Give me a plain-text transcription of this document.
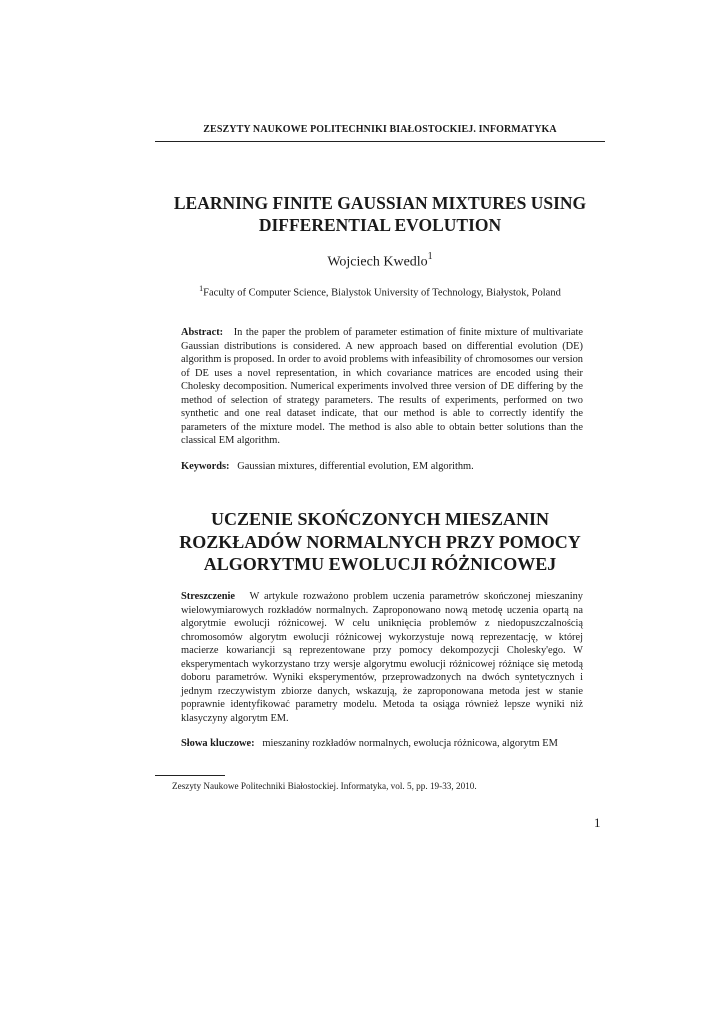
ZESZYTY NAUKOWE POLITECHNIKI BIAŁOSTOCKIEJ. INFORMATYKA
LEARNING FINITE GAUSSIAN MIXTURES USING
DIFFERENTIAL EVOLUTION
Wojciech Kwedlo$^1$
$^1$Faculty of Computer Science, Bialystok University of Technology, Białystok, Poland
Abstract: In the paper the problem of parameter estimation of finite mixture of multivariate Gaussian distributions is considered. A new approach based on differential evolution (DE) algorithm is proposed. In order to avoid problems with infeasibility of chromosomes our version of DE uses a novel representation, in which covariance matrices are encoded using their Cholesky decomposition. Numerical experiments involved three version of DE differing by the method of selection of strategy parameters. The results of experiments, performed on two synthetic and one real dataset indicate, that our method is able to correctly identify the parameters of the mixture model. The method is also able to obtain better solutions than the classical EM algorithm.
Keywords: Gaussian mixtures, differential evolution, EM algorithm.
UCZENIE SKOŃCZONYCH MIESZANIN
ROZKŁADÓW NORMALNYCH PRZY POMOCY
ALGORYTMU EWOLUCJI RÓŻNICOWEJ
Streszczenie W artykule rozważono problem uczenia parametrów skończonej mieszaniny wielowymiarowych rozkładów normalnych. Zaproponowano nową metodę uczenia opartą na algorytmie ewolucji różnicowej. W celu uniknięcia problemów z niedopuszczalnością chromosomów algorytm ewolucji różnicowej wykorzystuje nową reprezentację, w której macierze kowariancji są reprezentowane przy pomocy dekompozycji Cholesky'ego. W eksperymentach wykorzystano trzy wersje algorytmu ewolucji różnicowej różniące się metodą doboru parametrów. Wyniki eksperymentów, przeprowadzonych na dwóch syntetycznych i jednym rzeczywistym zbiorze danych, wskazują, że zaproponowana metoda jest w stanie poprawnie identyfikować parametry modelu. Metoda ta osiąga również lepsze wyniki niż klasyczyny algorytm EM.
Słowa kluczowe: mieszaniny rozkładów normalnych, ewolucja różnicowa, algorytm EM
Zeszyty Naukowe Politechniki Białostockiej. Informatyka, vol. 5, pp. 19-33, 2010.
1
